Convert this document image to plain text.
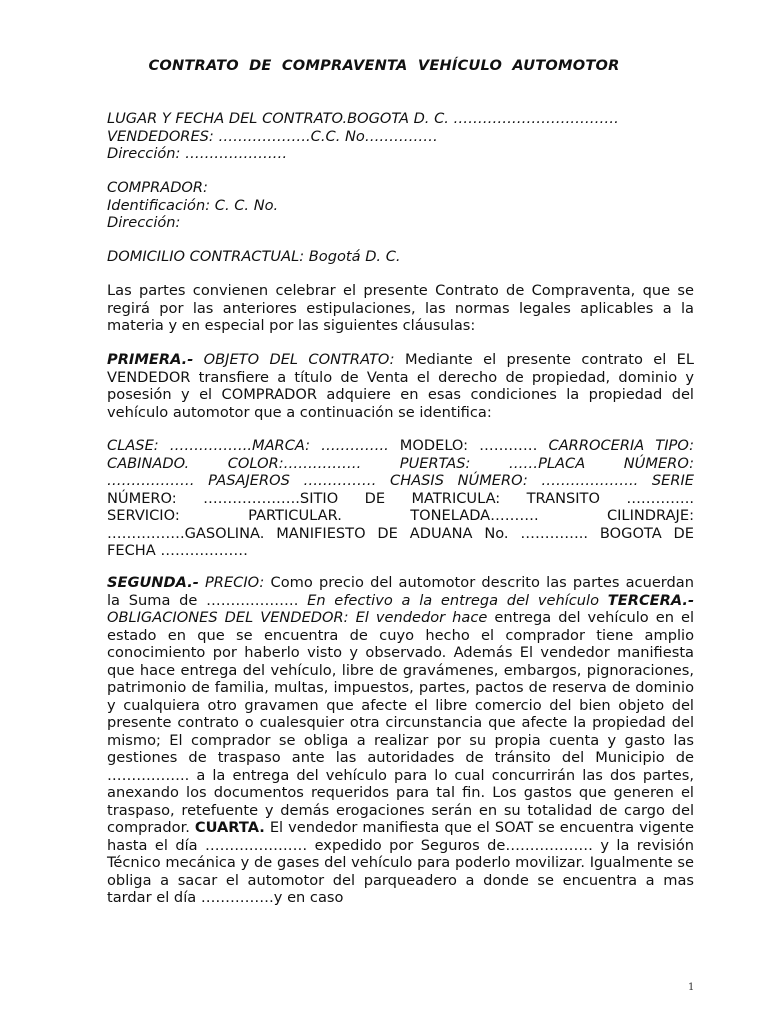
CONTRATO DE COMPRAVENTA VEHÍCULO AUTOMOTOR
LUGAR Y FECHA DEL CONTRATO.BOGOTA D. C. …………………………….
VENDEDORES: ……………….C.C. No……………
Dirección: …………………
COMPRADOR:
Identificación: C. C. No.
Dirección:
DOMICILIO CONTRACTUAL: Bogotá D. C.
Las partes convienen celebrar el presente Contrato de Compraventa, que se regirá por las anteriores estipulaciones, las normas legales aplicables a la materia y en especial por las siguientes cláusulas:
PRIMERA.- OBJETO DEL CONTRATO: Mediante el presente contrato el EL VENDEDOR transfiere a título de Venta el derecho de propiedad, dominio y posesión y el COMPRADOR adquiere en esas condiciones la propiedad del vehículo automotor que a continuación se identifica:
CLASE: ……………..MARCA: ………….. MODELO: ………… CARROCERIA TIPO:
CABINADO. COLOR:……………. PUERTAS: ……PLACA NÚMERO:
……………… PASAJEROS …………… CHASIS NÚMERO: ……………….. SERIE
NÚMERO: ………………..SITIO DE MATRICULA: TRANSITO …………..
SERVICIO: PARTICULAR. TONELADA………. CILINDRAJE:
…………….GASOLINA. MANIFIESTO DE ADUANA No. ………….. BOGOTA DE
FECHA ………………
SEGUNDA.- PRECIO: Como precio del automotor descrito las partes acuerdan la Suma de ………………. En efectivo a la entrega del vehículo TERCERA.- OBLIGACIONES DEL VENDEDOR: El vendedor hace entrega del vehículo en el estado en que se encuentra de cuyo hecho el comprador tiene amplio conocimiento por haberlo visto y observado. Además El vendedor manifiesta que hace entrega del vehículo, libre de gravámenes, embargos, pignoraciones, patrimonio de familia, multas, impuestos, partes, pactos de reserva de dominio y cualquiera otro gravamen que afecte el libre comercio del bien objeto del presente contrato o cualesquier otra circunstancia que afecte la propiedad del mismo; El comprador se obliga a realizar por su propia cuenta y gasto las gestiones de traspaso ante las autoridades de tránsito del Municipio de …………….. a la entrega del vehículo para lo cual concurrirán las dos partes, anexando los documentos requeridos para tal fin. Los gastos que generen el traspaso, retefuente y demás erogaciones serán en su totalidad de cargo del comprador. CUARTA. El vendedor manifiesta que el SOAT se encuentra vigente hasta el día ………………… expedido por Seguros de……………… y la revisión Técnico mecánica y de gases del vehículo para poderlo movilizar. Igualmente se obliga a sacar el automotor del parqueadero a donde se encuentra a mas tardar el día ……………y en caso
1
